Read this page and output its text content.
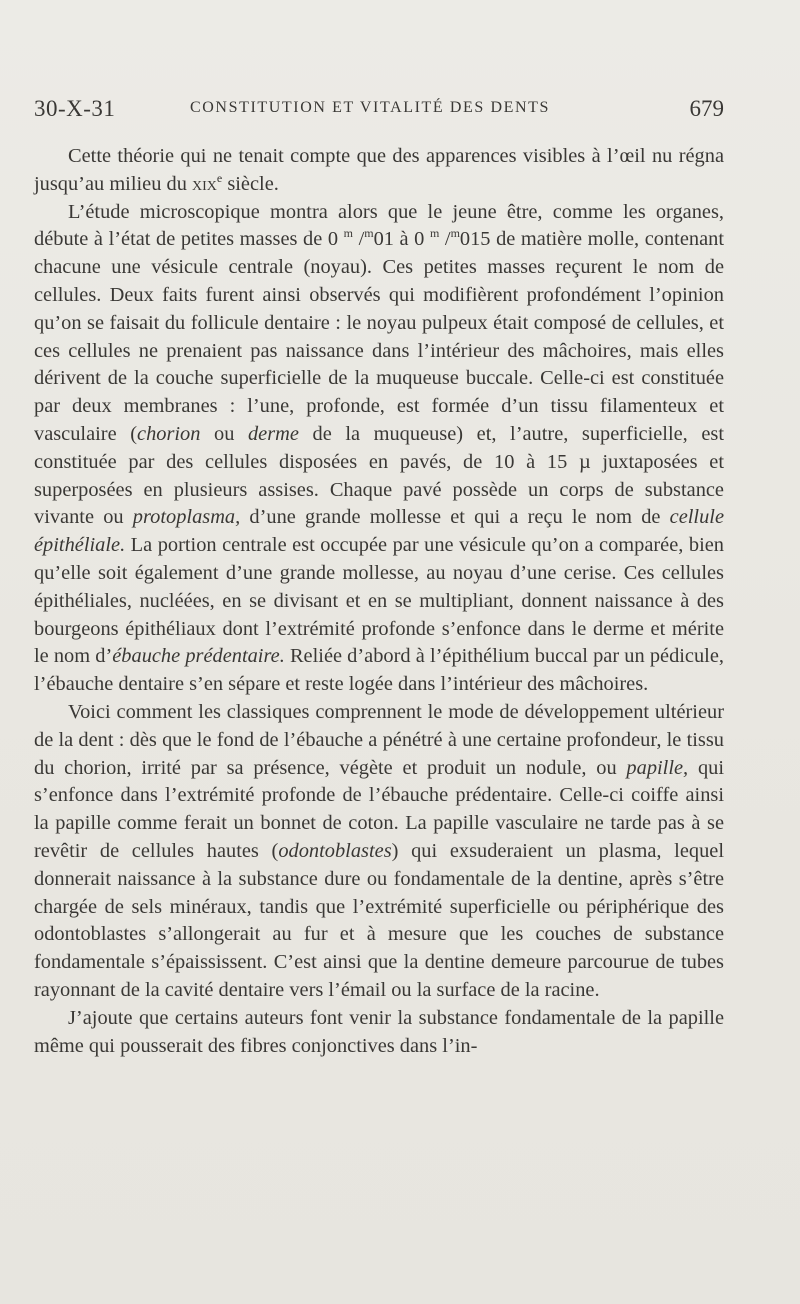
30-X-31	CONSTITUTION ET VITALITÉ DES DENTS	679

Cette théorie qui ne tenait compte que des apparences visibles à l’œil nu régna jusqu’au milieu du xix$^e$ siècle.

L’étude microscopique montra alors que le jeune être, comme les organes, débute à l’état de petites masses de 0 $^m$ /$^m$01 à 0 $^m$ /$^m$015 de matière molle, contenant chacune une vésicule centrale (noyau). Ces petites masses reçurent le nom de cellules. Deux faits furent ainsi observés qui modifièrent profondément l’opinion qu’on se faisait du follicule dentaire : le noyau pulpeux était composé de cellules, et ces cellules ne prenaient pas naissance dans l’intérieur des mâchoires, mais elles dérivent de la couche superficielle de la muqueuse buccale. Celle-ci est constituée par deux membranes : l’une, profonde, est formée d’un tissu filamenteux et vasculaire (chorion ou derme de la muqueuse) et, l’autre, superficielle, est constituée par des cellules disposées en pavés, de 10 à 15 µ juxtaposées et superposées en plusieurs assises. Chaque pavé possède un corps de substance vivante ou protoplasma, d’une grande mollesse et qui a reçu le nom de cellule épithéliale. La portion centrale est occupée par une vésicule qu’on a comparée, bien qu’elle soit également d’une grande mollesse, au noyau d’une cerise. Ces cellules épithéliales, nucléées, en se divisant et en se multipliant, donnent naissance à des bourgeons épithéliaux dont l’extrémité profonde s’enfonce dans le derme et mérite le nom d’ébauche prédentaire. Reliée d’abord à l’épithélium buccal par un pédicule, l’ébauche dentaire s’en sépare et reste logée dans l’intérieur des mâchoires.

Voici comment les classiques comprennent le mode de développement ultérieur de la dent : dès que le fond de l’ébauche a pénétré à une certaine profondeur, le tissu du chorion, irrité par sa présence, végète et produit un nodule, ou papille, qui s’enfonce dans l’extrémité profonde de l’ébauche prédentaire. Celle-ci coiffe ainsi la papille comme ferait un bonnet de coton. La papille vasculaire ne tarde pas à se revêtir de cellules hautes (odontoblastes) qui exsuderaient un plasma, lequel donnerait naissance à la substance dure ou fondamentale de la dentine, après s’être chargée de sels minéraux, tandis que l’extrémité superficielle ou périphérique des odontoblastes s’allongerait au fur et à mesure que les couches de substance fondamentale s’épaississent. C’est ainsi que la dentine demeure parcourue de tubes rayonnant de la cavité dentaire vers l’émail ou la surface de la racine.

J’ajoute que certains auteurs font venir la substance fondamentale de la papille même qui pousserait des fibres conjonctives dans l’in-
